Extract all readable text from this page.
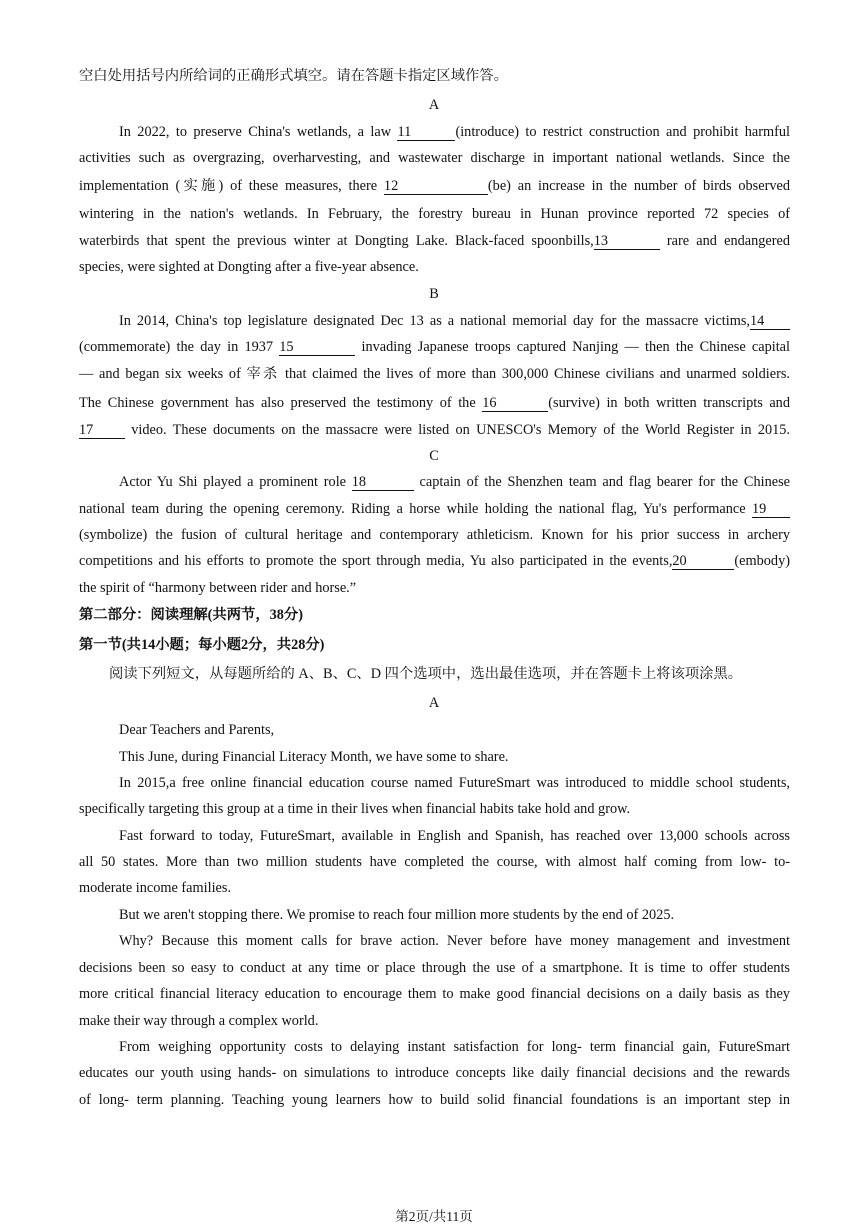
空白处用括号内所给词的正确形式填空。请在答题卡指定区域作答。
A
In 2022, to preserve China's wetlands, a law 11	(introduce) to restrict construction and prohibit harmful
activities such as overgrazing, overharvesting, and wastewater discharge in important national wetlands. Since the
implementation (实施) of these measures, there 12	(be) an increase in the number of birds observed
wintering in the nation's wetlands. In February, the forestry bureau in Hunan province reported 72 species of
waterbirds that spent the previous winter at Dongting Lake. Black-faced spoonbills,13	rare and endangered
species, were sighted at Dongting after a five-year absence.
B
In 2014, China's top legislature designated Dec 13 as a national memorial day for the massacre victims,14
(commemorate) the day in 1937 15	invading Japanese troops captured Nanjing — then the Chinese capital
— and began six weeks of 宰杀 that claimed the lives of more than 300,000 Chinese civilians and unarmed soldiers.
The Chinese government has also preserved the testimony of the 16	(survive) in both written transcripts and
17 video. These documents on the massacre were listed on UNESCO's Memory of the World Register in 2015.
C
Actor Yu Shi played a prominent role 18	captain of the Shenzhen team and flag bearer for the Chinese
national team during the opening ceremony. Riding a horse while holding the national flag, Yu's performance 19
(symbolize) the fusion of cultural heritage and contemporary athleticism. Known for his prior success in archery
competitions and his efforts to promote the sport through media, Yu also participated in the events,20	(embody)
the spirit of “harmony between rider and horse.”
第二部分：阅读理解(共两节，38分)
第一节(共14小题；每小题2分，共28分)
阅读下列短文，从每题所给的 A、B、C、D 四个选项中，选出最佳选项，并在答题卡上将该项涂黑。
A
Dear Teachers and Parents,
This June, during Financial Literacy Month, we have some to share.
In 2015,a free online financial education course named FutureSmart was introduced to middle school students,
specifically targeting this group at a time in their lives when financial habits take hold and grow.
Fast forward to today, FutureSmart, available in English and Spanish, has reached over 13,000 schools across
all 50 states. More than two million students have completed the course, with almost half coming from low- to-
moderate income families.
But we aren't stopping there. We promise to reach four million more students by the end of 2025.
Why? Because this moment calls for brave action. Never before have money management and investment
decisions been so easy to conduct at any time or place through the use of a smartphone. It is time to offer students
more critical financial literacy education to encourage them to make good financial decisions on a daily basis as they
make their way through a complex world.
From weighing opportunity costs to delaying instant satisfaction for long- term financial gain, FutureSmart
educates our youth using hands- on simulations to introduce concepts like daily financial decisions and the rewards
of long- term planning. Teaching young learners how to build solid financial foundations is an important step in
第2页/共11页
